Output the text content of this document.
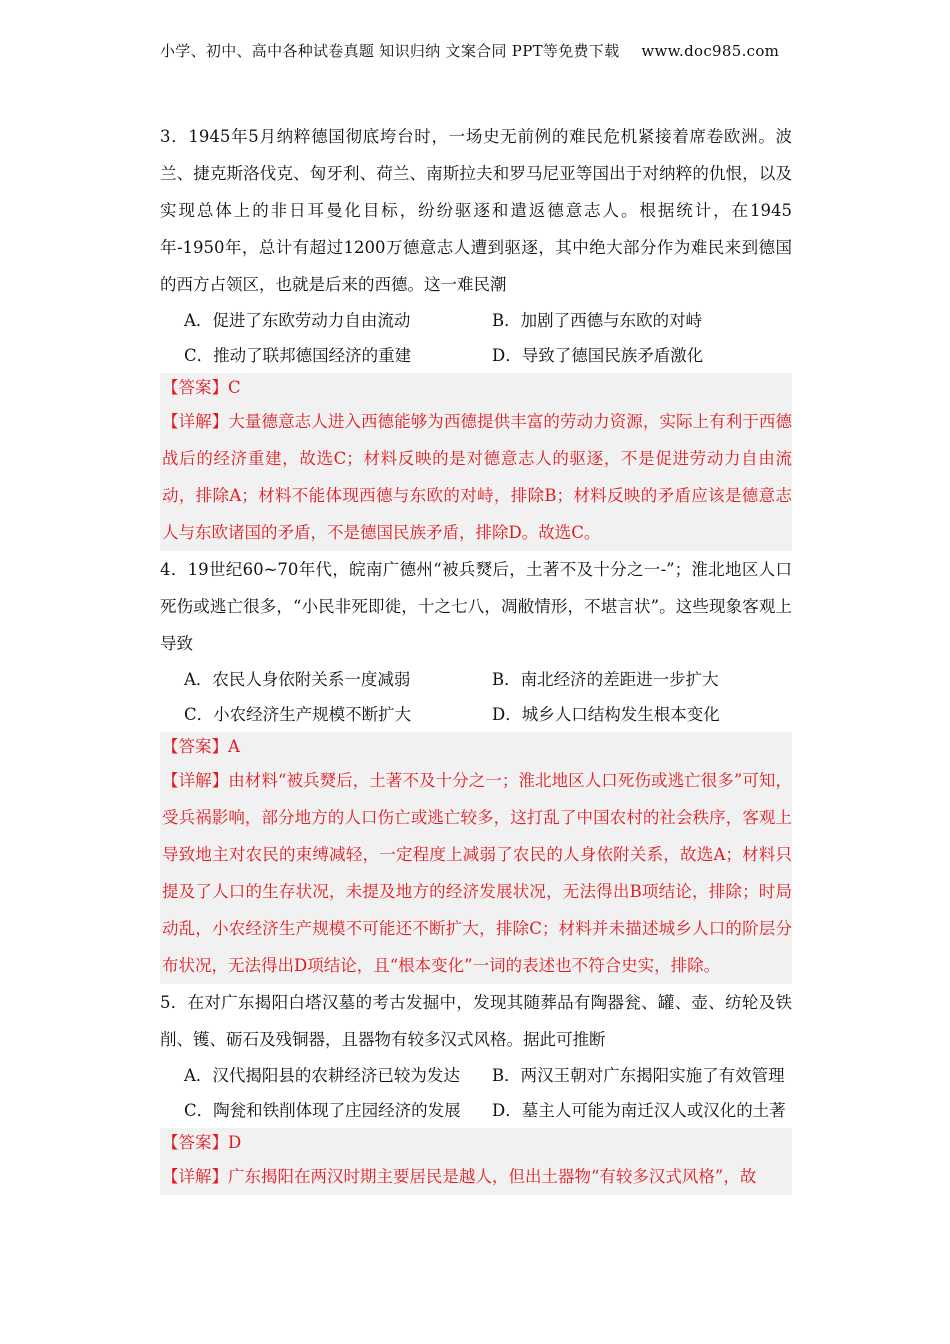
小学、初中、高中各种试卷真题 知识归纳 文案合同 PPT等免费下载 www.doc985.com

3．1945年5月纳粹德国彻底垮台时，一场史无前例的难民危机紧接着席卷欧洲。波兰、捷克斯洛伐克、匈牙利、荷兰、南斯拉夫和罗马尼亚等国出于对纳粹的仇恨，以及实现总体上的非日耳曼化目标，纷纷驱逐和遣返德意志人。根据统计，在1945年-1950年，总计有超过1200万德意志人遭到驱逐，其中绝大部分作为难民来到德国的西方占领区，也就是后来的西德。这一难民潮

A．促进了东欧劳动力自由流动	B．加剧了西德与东欧的对峙
C．推动了联邦德国经济的重建	D．导致了德国民族矛盾激化
【答案】C
【详解】大量德意志人进入西德能够为西德提供丰富的劳动力资源，实际上有利于西德战后的经济重建，故选C；材料反映的是对德意志人的驱逐，不是促进劳动力自由流动，排除A；材料不能体现西德与东欧的对峙，排除B；材料反映的矛盾应该是德意志人与东欧诸国的矛盾，不是德国民族矛盾，排除D。故选C。

4．19世纪60~70年代，皖南广德州“被兵燹后，土著不及十分之一-”；淮北地区人口死伤或逃亡很多，“小民非死即徙，十之七八，凋敝情形，不堪言状”。这些现象客观上导致

A．农民人身依附关系一度减弱	B．南北经济的差距进一步扩大
C．小农经济生产规模不断扩大	D．城乡人口结构发生根本变化
【答案】A
【详解】由材料“被兵燹后，土著不及十分之一；淮北地区人口死伤或逃亡很多”可知，受兵祸影响，部分地方的人口伤亡或逃亡较多，这打乱了中国农村的社会秩序，客观上导致地主对农民的束缚减轻，一定程度上减弱了农民的人身依附关系，故选A；材料只提及了人口的生存状况，未提及地方的经济发展状况，无法得出B项结论，排除；时局动乱，小农经济生产规模不可能还不断扩大，排除C；材料并未描述城乡人口的阶层分布状况，无法得出D项结论，且“根本变化”一词的表述也不符合史实，排除。

5．在对广东揭阳白塔汉墓的考古发掘中，发现其随葬品有陶器瓮、罐、壶、纺轮及铁削、镬、砺石及残铜器，且器物有较多汉式风格。据此可推断

A．汉代揭阳县的农耕经济已较为发达	B．两汉王朝对广东揭阳实施了有效管理
C．陶瓮和铁削体现了庄园经济的发展	D．墓主人可能为南迁汉人或汉化的土著
【答案】D
【详解】广东揭阳在两汉时期主要居民是越人，但出土器物“有较多汉式风格”，故
